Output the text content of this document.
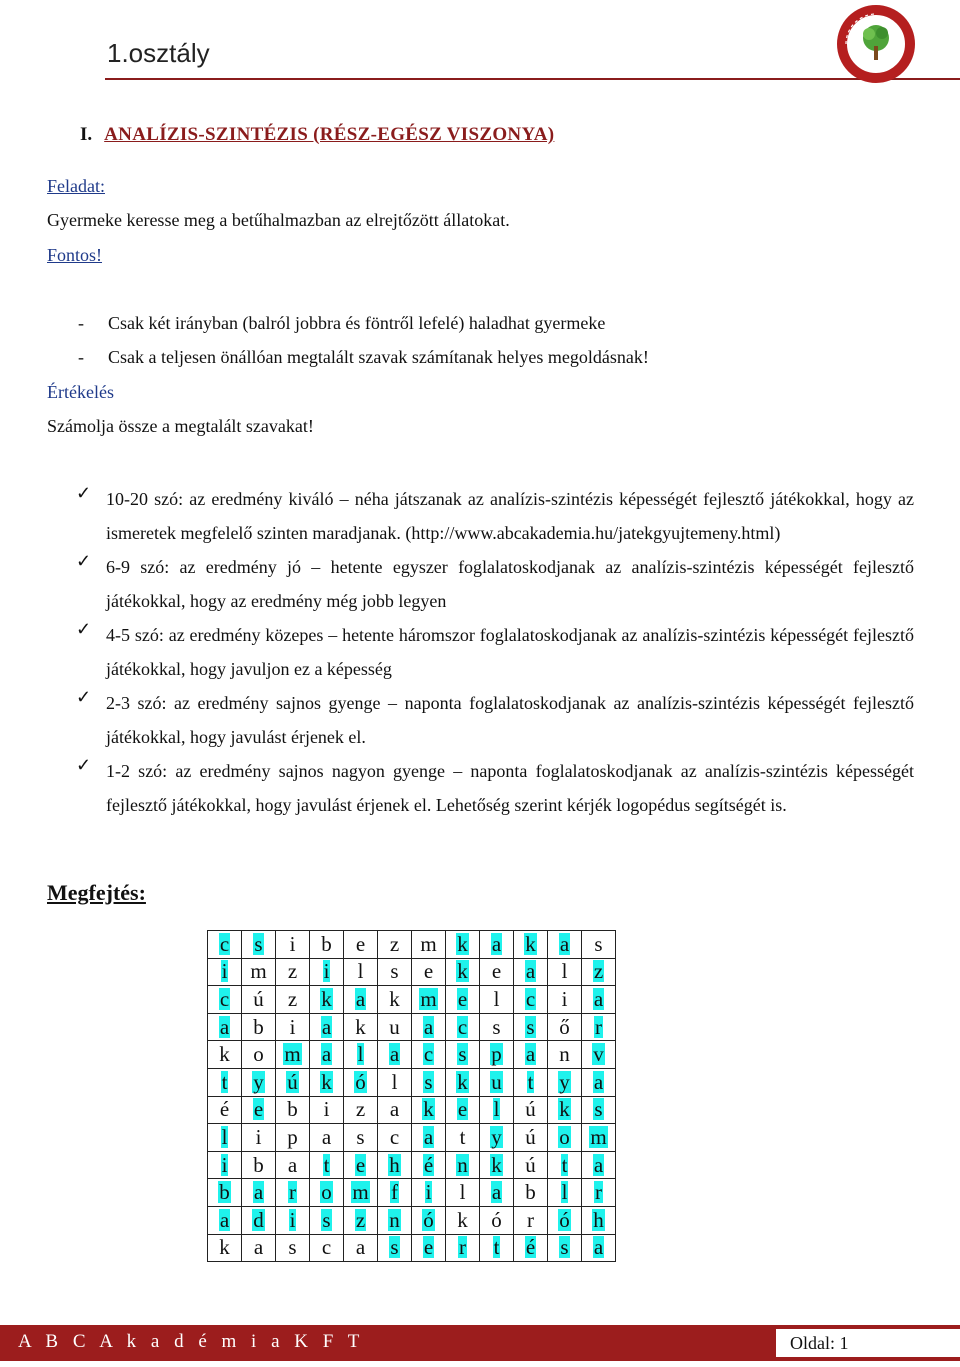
1.osztály
I. ANALÍZIS-SZINTÉZIS (RÉSZ-EGÉSZ VISZONYA)
Feladat:
Gyermeke keresse meg a betűhalmazban az elrejtőzött állatokat.
Fontos!
- Csak két irányban (balról jobbra és föntről lefelé) haladhat gyermeke
- Csak a teljesen önállóan megtalált szavak számítanak helyes megoldásnak!
Értékelés
Számolja össze a megtalált szavakat!
✓ 10-20 szó: az eredmény kiváló – néha játszanak az analízis-szintézis képességét fejlesztő játékokkal, hogy az ismeretek megfelelő szinten maradjanak. (http://www.abcakademia.hu/jatekgyujtemeny.html)
✓ 6-9 szó: az eredmény jó – hetente egyszer foglalatoskodjanak az analízis-szintézis képességét fejlesztő játékokkal, hogy az eredmény még jobb legyen
✓ 4-5 szó: az eredmény közepes – hetente háromszor foglalatoskodjanak az analízis-szintézis képességét fejlesztő játékokkal, hogy javuljon ez a képesség
✓ 2-3 szó: az eredmény sajnos gyenge – naponta foglalatoskodjanak az analízis-szintézis képességét fejlesztő játékokkal, hogy javulást érjenek el.
✓ 1-2 szó: az eredmény sajnos nagyon gyenge – naponta foglalatoskodjanak az analízis-szintézis képességét fejlesztő játékokkal, hogy javulást érjenek el. Lehetőség szerint kérjék logopédus segítségét is.
Megfejtés:
c	s	i	b	e	z	m	k	a	k	a	s
i	m	z	i	l	s	e	k	e	a	l	z
c	ú	z	k	a	k	m	e	l	c	i	a
a	b	i	a	k	u	a	c	s	s	ő	r
k	o	m	a	l	a	c	s	p	a	n	v
t	y	ú	k	ó	l	s	k	u	t	y	a
é	e	b	i	z	a	k	e	l	ú	k	s
l	i	p	a	s	c	a	t	y	ú	o	m
i	b	a	t	e	h	é	n	k	ú	t	a
b	a	r	o	m	f	i	l	a	b	l	r
a	d	i	s	z	n	ó	k	ó	r	ó	h
k	a	s	c	a	s	e	r	t	é	s	a
A B C A k a d é m i a K F T	Oldal: 1
